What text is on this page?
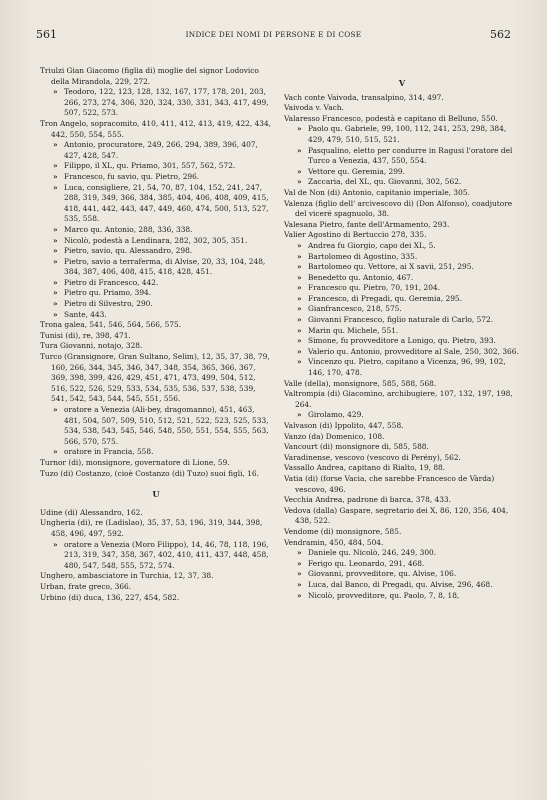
561	INDICE DEI NOMI DI PERSONE E DI COSE	562
Triulzi Gian Giacomo (figlia di) moglie del signor Lodovico della Mirandola, 229, 272.
» Teodoro, 122, 123, 128, 132, 167, 177, 178, 201, 203, 266, 273, 274, 306, 320, 324, 330, 331, 343, 417, 499, 507, 522, 573.
Tron Angelo, sopracomito, 410, 411, 412, 413, 419, 422, 434, 442, 550, 554, 555.
» Antonio, procuratore, 249, 266, 294, 389, 396, 407, 427, 428, 547.
» Filippo, il XL, qu. Priamo, 301, 557, 562, 572.
» Francesco, fu savio, qu. Pietro, 296.
» Luca, consigliere, 21, 54, 70, 87, 104, 152, 241, 247, 288, 319, 349, 366, 384, 385, 404, 406, 408, 409, 415, 418, 441, 442, 443, 447, 449, 460, 474, 500, 513, 527, 535, 558.
» Marco qu. Antonio, 288, 336, 338.
» Nicolò, podestà a Lendinara, 282, 302, 305, 351.
» Pietro, savio, qu. Alessandro, 298.
» Pietro, savio a terraferma, di Alvise, 20, 33, 104, 248, 384, 387, 406, 408, 415, 418, 428, 451.
» Pietro di Francesco, 442.
» Pietro qu. Priamo, 394.
» Pietro di Silvestro, 290.
» Sante, 443.
Trona galea, 541, 546, 564, 566, 575.
Tunisi (di), re, 398, 471.
Tura Giovanni, notajo, 328.
Turco (Gransignore, Gran Sultano, Selim), 12, 35, 37, 38, 79, 160, 266, 344, 345, 346, 347, 348, 354, 365, 366, 367, 369, 398, 399, 426, 429, 451, 471, 473, 499, 504, 512, 516, 522, 526, 529, 533, 534, 535, 536, 537, 538, 539, 541, 542, 543, 544, 545, 551, 556.
» oratore a Venezia (Ali-bey, dragomanno), 451, 463, 481, 504, 507, 509, 510, 512, 521, 522, 523, 525, 533, 534, 538, 543, 545, 546, 548, 550, 551, 554, 555, 563, 566, 570, 575.
» oratore in Francia, 558.
Turnor (di), monsignore, governatore di Lione, 59.
Tuzo (di) Costanzo, (cioè Costanzo (di) Tuzo) suoi figli, 16.
U
Udine (di) Alessandro, 162.
Ungheria (di), re (Ladislao), 35, 37, 53, 196, 319, 344, 398, 458, 496, 497, 592.
» oratore a Venezia (Moro Filippo), 14, 46, 78, 118, 196, 213, 319, 347, 358, 367, 402, 410, 411, 437, 448, 458, 480, 547, 548, 555, 572, 574.
Unghero, ambasciatore in Turchia, 12, 37, 38.
Urban, frate greco, 366.
Urbino (di) duca, 136, 227, 454, 582.
V
Vach conte Vaivoda, transalpino, 314, 497.
Vaivoda v. Vach.
Valaresso Francesco, podestà e capitano di Belluno, 550.
» Paolo qu. Gabriele, 99, 100, 112, 241, 253, 298, 384, 429, 479, 510, 515, 521.
» Pasqualino, eletto per condurre in Ragusi l'oratore del Turco a Venezia, 437, 550, 554.
» Vettore qu. Geremia, 299.
» Zaccaria, del XL, qu. Giovanni, 302, 562.
Val de Non (di) Antonio, capitanio imperiale, 305.
Valenza (figlio dell' arcivescovo di) (Don Alfonso), coadjutore del viceré spagnuolo, 38.
Valesana Pietro, fante dell'Armamento, 293.
Valier Agostino di Bertuccio 278, 335.
» Andrea fu Giorgio, capo dei XL, 5.
» Bartolomeo di Agostino, 335.
» Bartolomeo qu. Vettore, ai X savii, 251, 295.
» Benedetto qu. Antonio, 467.
» Francesco qu. Pietro, 70, 191, 204.
» Francesco, di Pregadi, qu. Geremia, 295.
» Gianfrancesco, 218, 575.
» Giovanni Francesco, figlio naturale di Carlo, 572.
» Marin qu. Michele, 551.
» Simone, fu provveditore a Lonigo, qu. Pietro, 393.
» Valerio qu. Antonio, provveditore al Sale, 250, 302, 366.
» Vincenzo qu. Pietro, capitano a Vicenza, 96, 99, 102, 146, 170, 478.
Valle (della), monsignore, 585, 588, 568.
Valtrompia (di) Giacomino, archibugiere, 107, 132, 197, 198, 264.
» Girolamo, 429.
Valvason (di) Ippolito, 447, 558.
Vanzo (da) Domenico, 108.
Vancourt (di) monsignore di, 585, 588.
Varadinense, vescovo (vescovo di Perény), 562.
Vassallo Andrea, capitano di Rialto, 19, 88.
Vatia (di) (forse Vacia, che sarebbe Francesco de Vàrda) vescovo, 496.
Vecchia Andrea, padrone di barca, 378, 433.
Vedova (dalla) Gaspare, segretario dei X, 86, 120, 356, 404, 438, 522.
Vendome (di) monsignore, 585.
Vendramin, 450, 484, 504.
» Daniele qu. Nicolò, 246, 249, 300.
» Ferigo qu. Leonardo, 291, 468.
» Giovanni, provveditore, qu. Alvise, 106.
» Luca, dal Banco, di Pregadi, qu. Alvise, 296, 468.
» Nicolò, provveditore, qu. Paolo, 7, 8, 18,
